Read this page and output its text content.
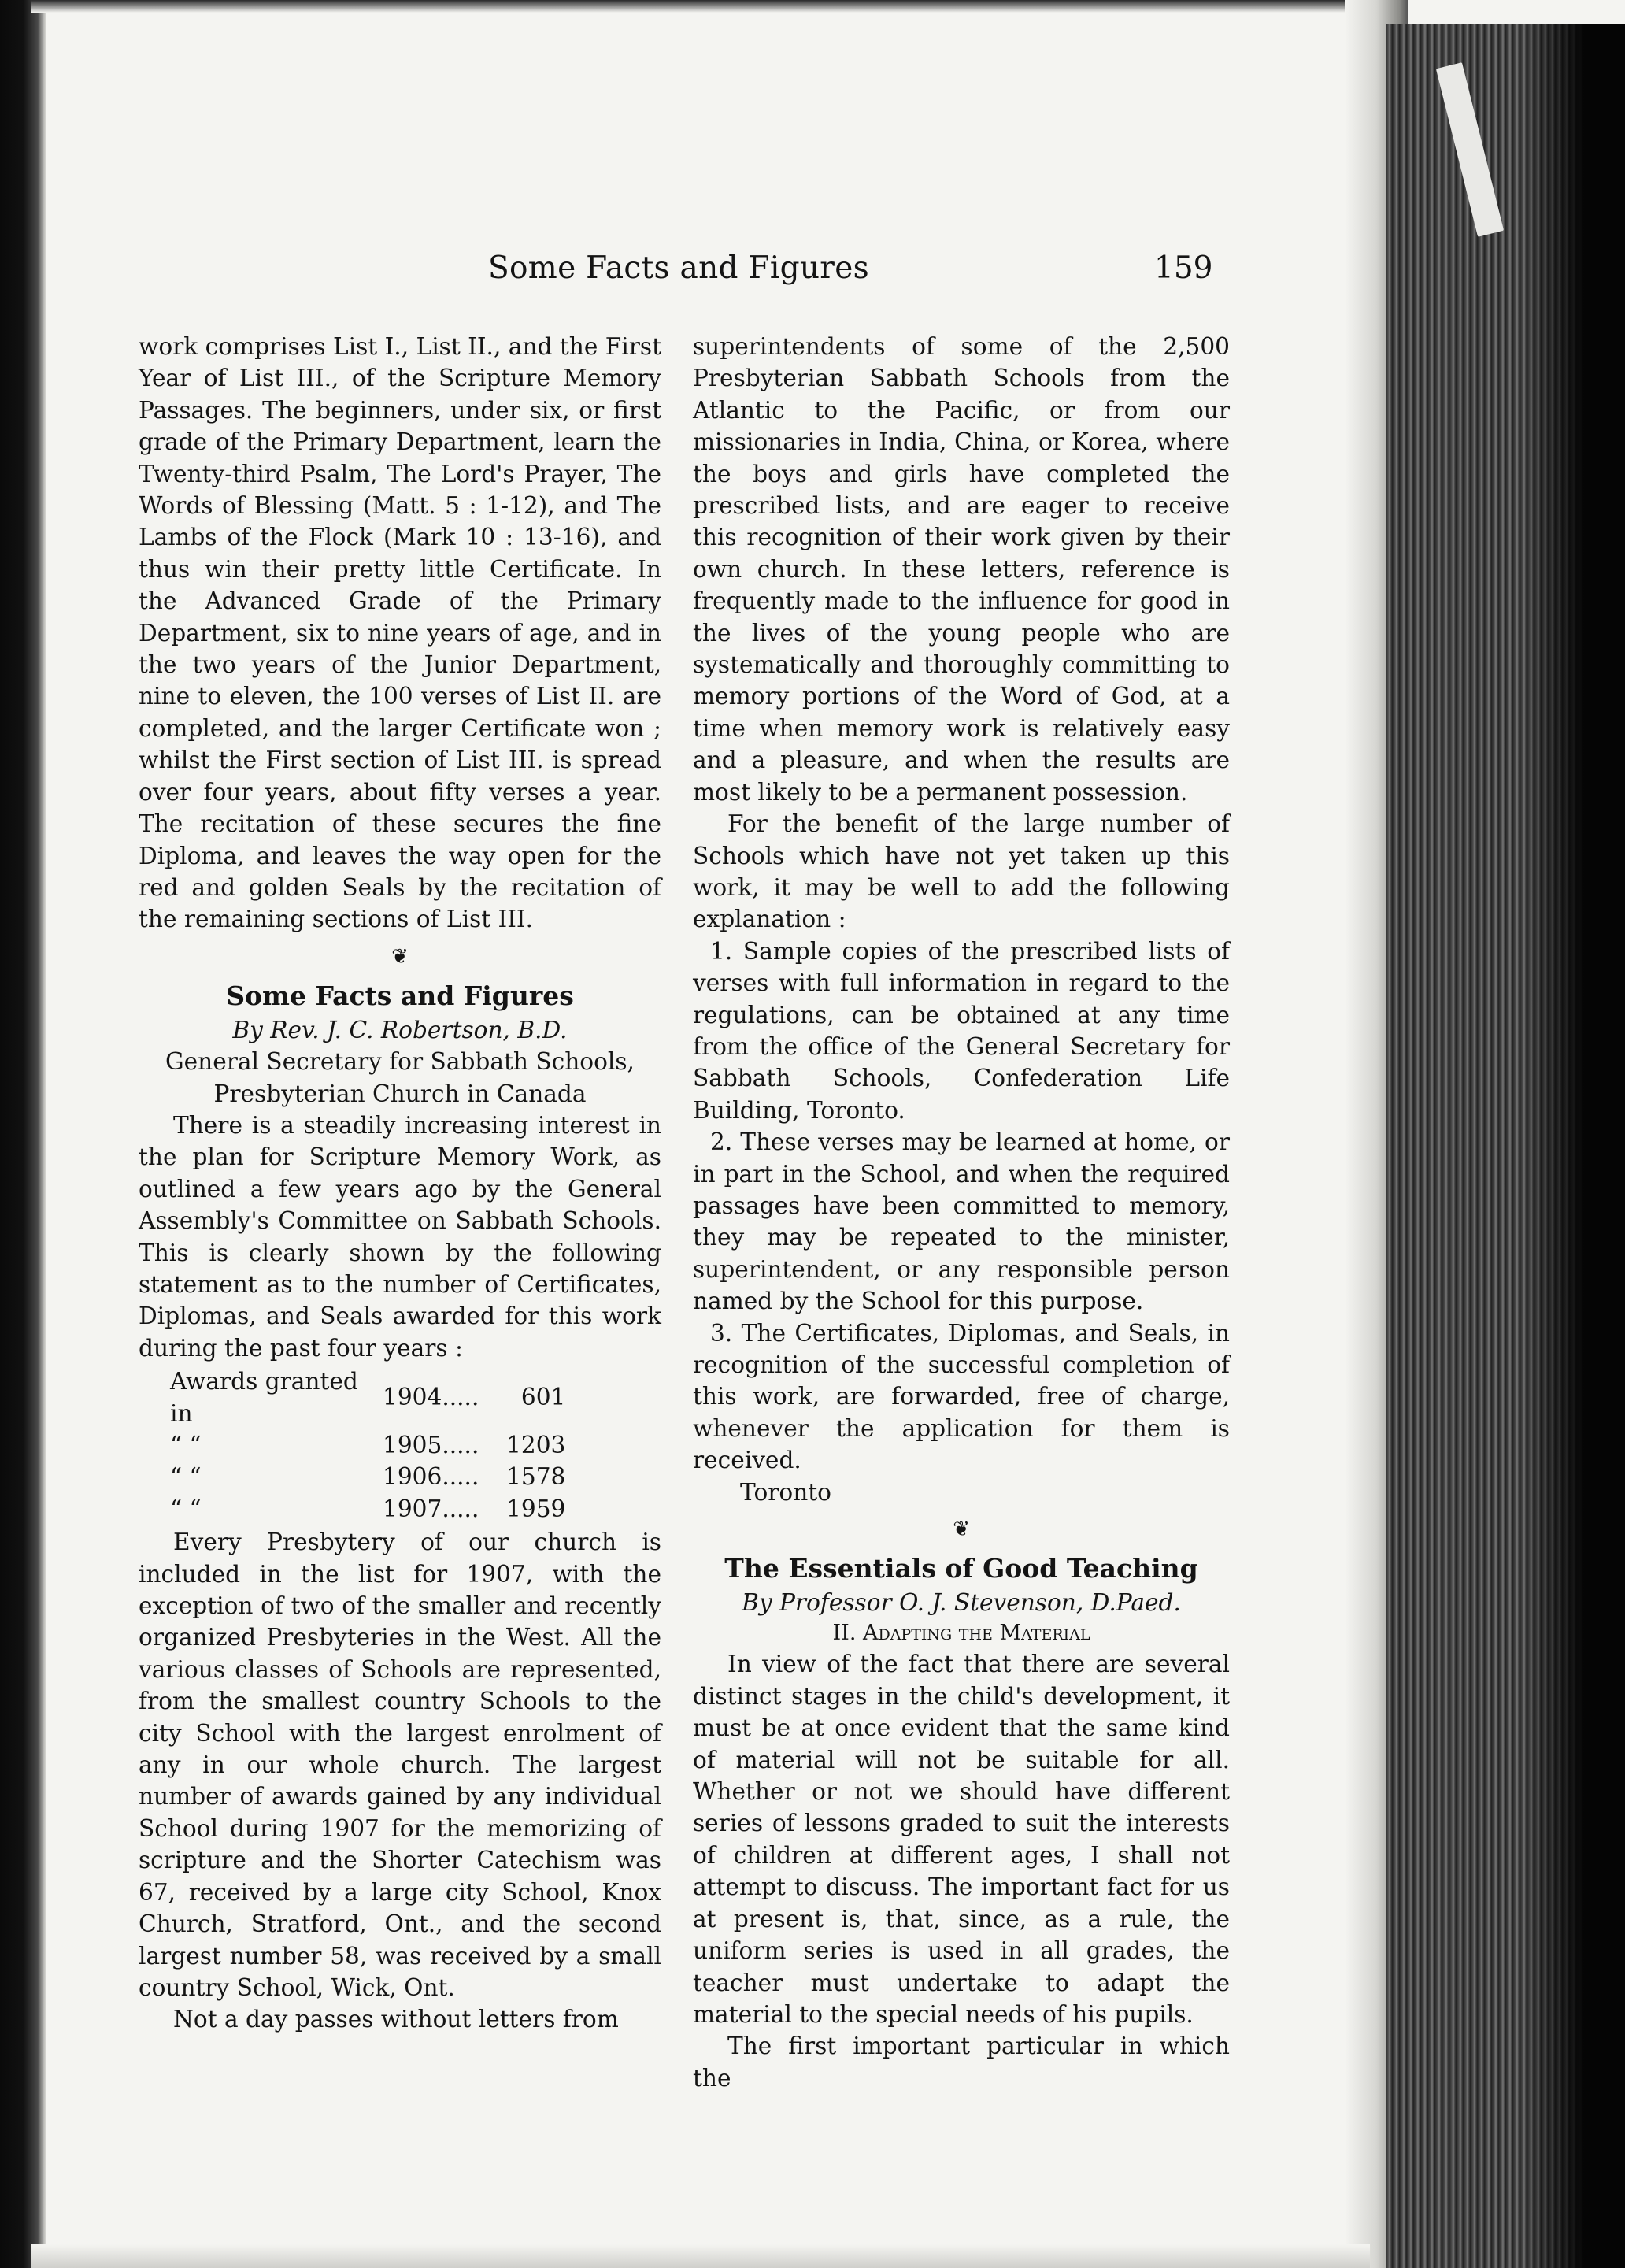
Some Facts and Figures	159

work comprises List I., List II., and the First Year of List III., of the Scripture Memory Passages. The beginners, under six, or first grade of the Primary Department, learn the Twenty-third Psalm, The Lord's Prayer, The Words of Blessing (Matt. 5 : 1-12), and The Lambs of the Flock (Mark 10 : 13-16), and thus win their pretty little Certificate. In the Advanced Grade of the Primary Department, six to nine years of age, and in the two years of the Junior Department, nine to eleven, the 100 verses of List II. are completed, and the larger Certificate won ; whilst the First section of List III. is spread over four years, about fifty verses a year. The recitation of these secures the fine Diploma, and leaves the way open for the red and golden Seals by the recitation of the remaining sections of List III.

❦
Some Facts and Figures
By Rev. J. C. Robertson, B.D.
General Secretary for Sabbath Schools, Presbyterian Church in Canada

There is a steadily increasing interest in the plan for Scripture Memory Work, as outlined a few years ago by the General Assembly's Committee on Sabbath Schools. This is clearly shown by the following statement as to the number of Certificates, Diplomas, and Seals awarded for this work during the past four years :

Awards granted in	1904.....	601
“ “	1905.....	1203
“ “	1906.....	1578
“ “	1907.....	1959

Every Presbytery of our church is included in the list for 1907, with the exception of two of the smaller and recently organized Presbyteries in the West. All the various classes of Schools are represented, from the smallest country Schools to the city School with the largest enrolment of any in our whole church. The largest number of awards gained by any individual School during 1907 for the memorizing of scripture and the Shorter Catechism was 67, received by a large city School, Knox Church, Stratford, Ont., and the second largest number 58, was received by a small country School, Wick, Ont.

Not a day passes without letters from

superintendents of some of the 2,500 Presbyterian Sabbath Schools from the Atlantic to the Pacific, or from our missionaries in India, China, or Korea, where the boys and girls have completed the prescribed lists, and are eager to receive this recognition of their work given by their own church. In these letters, reference is frequently made to the influence for good in the lives of the young people who are systematically and thoroughly committing to memory portions of the Word of God, at a time when memory work is relatively easy and a pleasure, and when the results are most likely to be a permanent possession.

For the benefit of the large number of Schools which have not yet taken up this work, it may be well to add the following explanation :

1. Sample copies of the prescribed lists of verses with full information in regard to the regulations, can be obtained at any time from the office of the General Secretary for Sabbath Schools, Confederation Life Building, Toronto.

2. These verses may be learned at home, or in part in the School, and when the required passages have been committed to memory, they may be repeated to the minister, superintendent, or any responsible person named by the School for this purpose.

3. The Certificates, Diplomas, and Seals, in recognition of the successful completion of this work, are forwarded, free of charge, whenever the application for them is received.

Toronto
❦
The Essentials of Good Teaching
By Professor O. J. Stevenson, D.Paed.
II. Adapting the Material

In view of the fact that there are several distinct stages in the child's development, it must be at once evident that the same kind of material will not be suitable for all. Whether or not we should have different series of lessons graded to suit the interests of children at different ages, I shall not attempt to discuss. The important fact for us at present is, that, since, as a rule, the uniform series is used in all grades, the teacher must undertake to adapt the material to the special needs of his pupils.

The first important particular in which the
